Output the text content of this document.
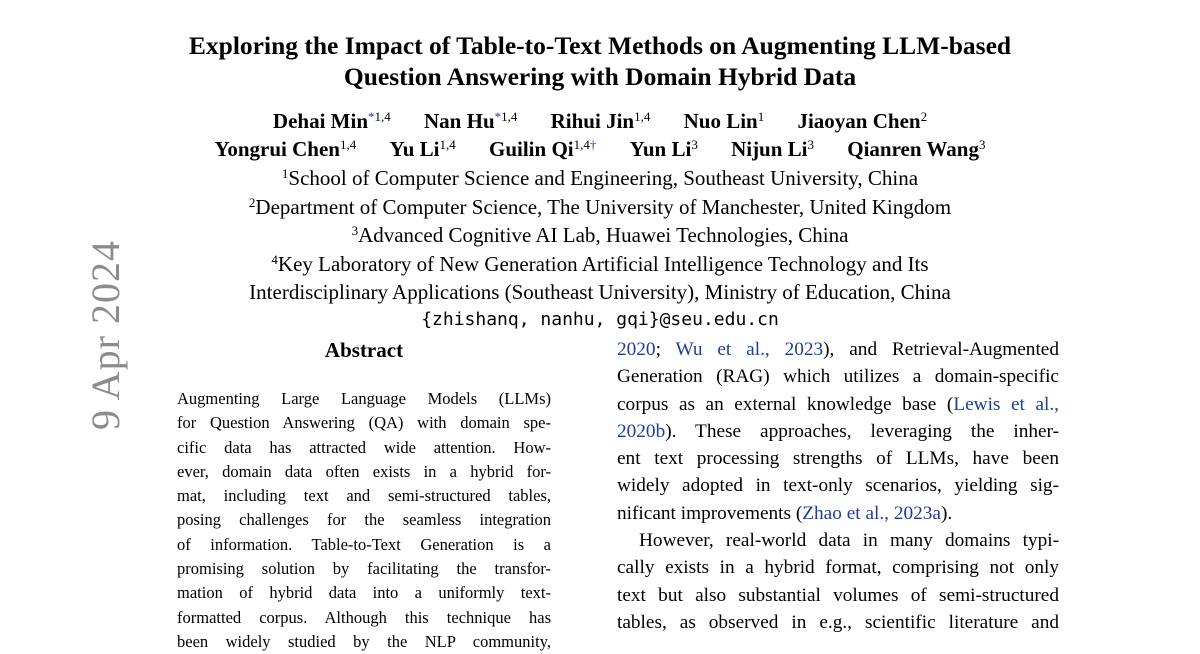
9 Apr 2024
Exploring the Impact of Table-to-Text Methods on Augmenting LLM-based
Question Answering with Domain Hybrid Data
Dehai Min$^{*1,4}$ Nan Hu$^{*1,4}$ Rihui Jin$^{1,4}$ Nuo Lin$^1$ Jiaoyan Chen$^2$
Yongrui Chen$^{1,4}$ Yu Li$^{1,4}$ Guilin $Qi^{1,4\dagger}$ Yun Li$^3$ Nijun Li$^3$ Qianren Wang$^3$
$^1$School of Computer Science and Engineering, Southeast University, China
$^2$Department of Computer Science, The University of Manchester, United Kingdom
$^3$Advanced Cognitive AI Lab, Huawei Technologies, China
$^4$Key Laboratory of New Generation Artificial Intelligence Technology and Its
Interdisciplinary Applications (Southeast University), Ministry of Education, China
{zhishanq, nanhu, gqi}@seu.edu.cn
Abstract
Augmenting Large Language Models (LLMs)
for Question Answering (QA) with domain spe-
cific data has attracted wide attention. How-
ever, domain data often exists in a hybrid for-
mat, including text and semi-structured tables,
posing challenges for the seamless integration
of information. Table-to-Text Generation is a
promising solution by facilitating the transfor-
mation of hybrid data into a uniformly text-
formatted corpus. Although this technique has
been widely studied by the NLP community,
2020; Wu et al., 2023), and Retrieval-Augmented
Generation (RAG) which utilizes a domain-specific
corpus as an external knowledge base (Lewis et al.,
2020b). These approaches, leveraging the inher-
ent text processing strengths of LLMs, have been
widely adopted in text-only scenarios, yielding sig-
nificant improvements (Zhao et al., 2023a).
However, real-world data in many domains typi-
cally exists in a hybrid format, comprising not only
text but also substantial volumes of semi-structured
tables, as observed in e.g., scientific literature and
